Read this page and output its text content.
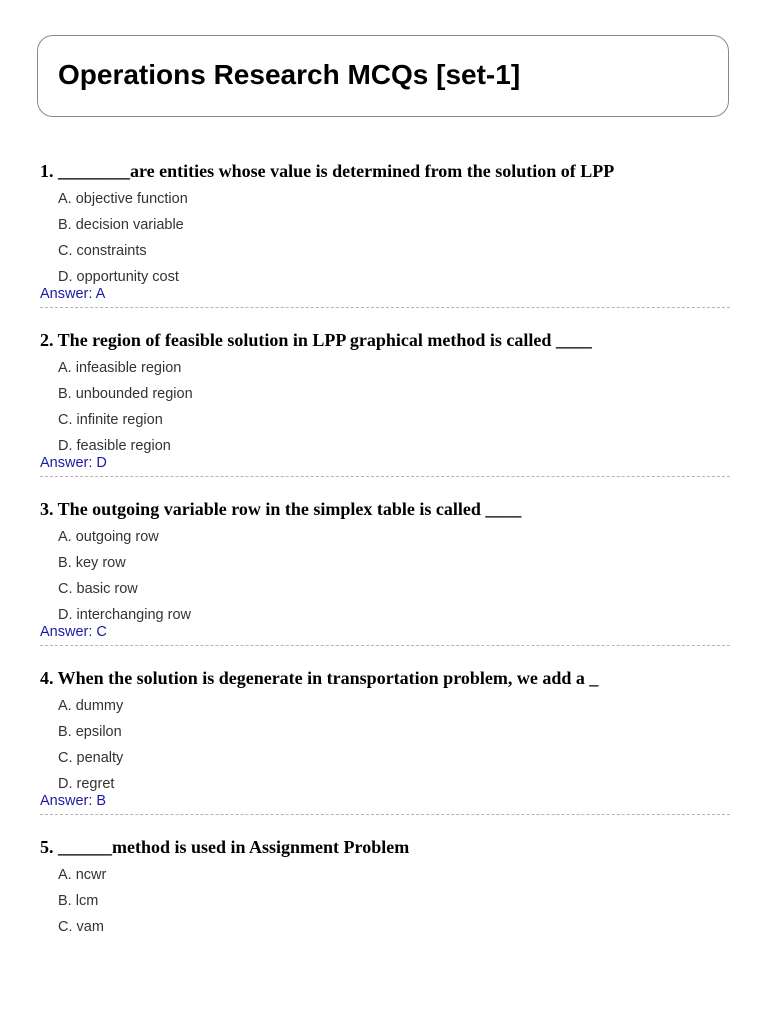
Operations Research MCQs [set-1]
1. ________are entities whose value is determined from the solution of LPP
A. objective function
B. decision variable
C. constraints
D. opportunity cost
Answer: A
2. The region of feasible solution in LPP graphical method is called ____
A. infeasible region
B. unbounded region
C. infinite region
D. feasible region
Answer: D
3. The outgoing variable row in the simplex table is called ____
A. outgoing row
B. key row
C. basic row
D. interchanging row
Answer: C
4. When the solution is degenerate in transportation problem, we add a _
A. dummy
B. epsilon
C. penalty
D. regret
Answer: B
5. ______method is used in Assignment Problem
A. ncwr
B. lcm
C. vam
